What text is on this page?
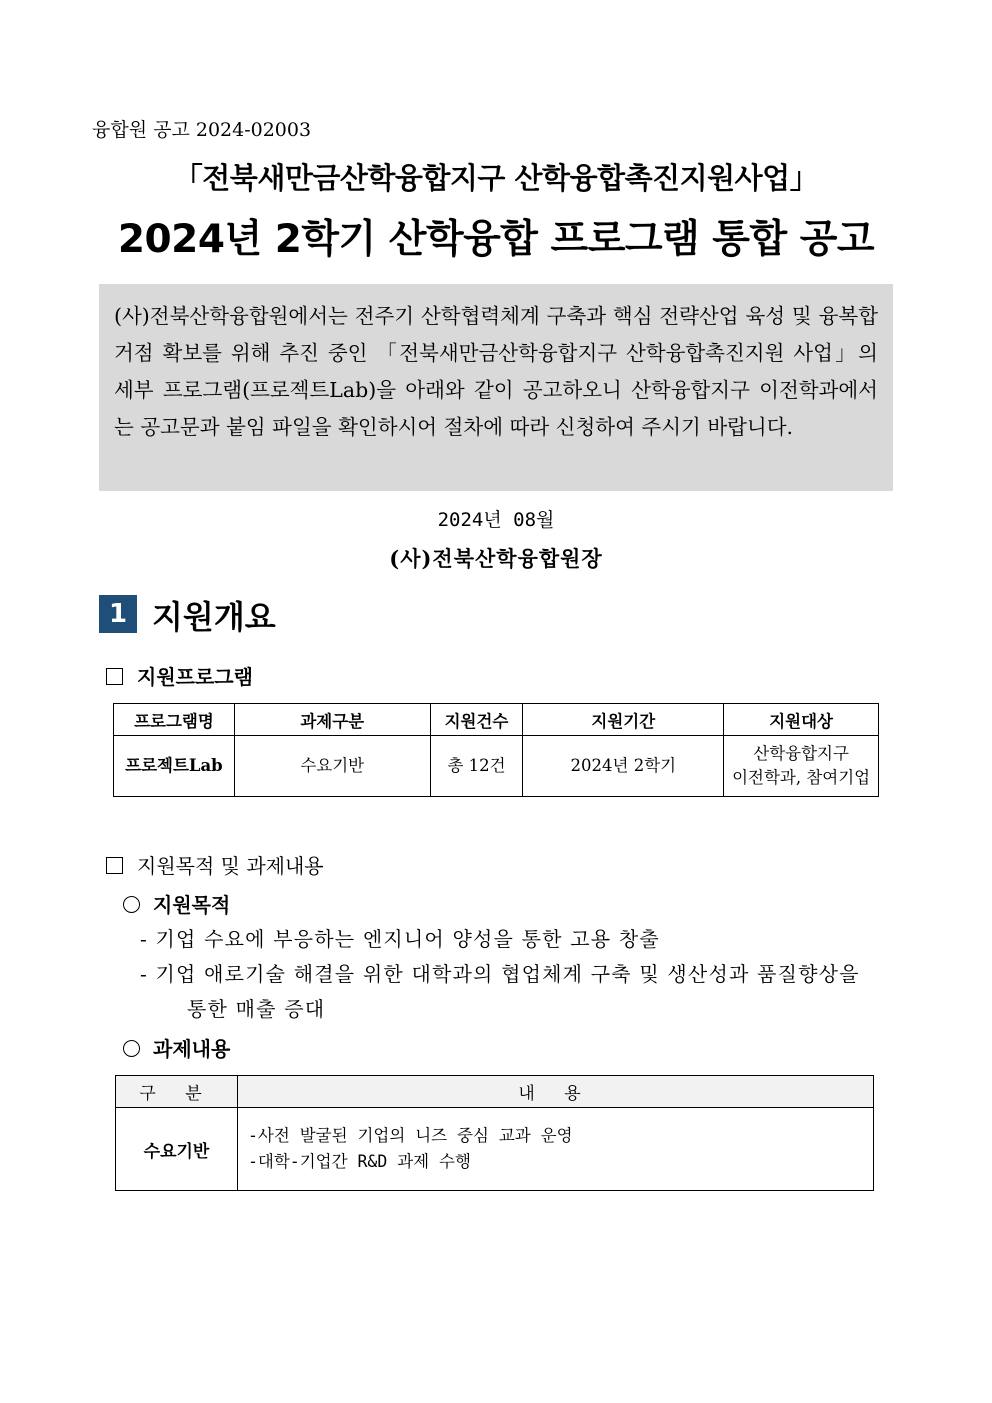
융합원 공고 2024-02003
「전북새만금산학융합지구 산학융합촉진지원사업」
2024년 2학기 산학융합 프로그램 통합 공고

(사)전북산학융합원에서는 전주기 산학협력체계 구축과 핵심 전략산업 육성 및 융복합 거점 확보를 위해 추진 중인 「전북새만금산학융합지구 산학융합촉진지원 사업」의 세부 프로그램(프로젝트Lab)을 아래와 같이 공고하오니 산학융합지구 이전학과에서는 공고문과 붙임 파일을 확인하시어 절차에 따라 신청하여 주시기 바랍니다.

2024년 08월
(사)전북산학융합원장
1 지원개요
지원프로그램
프로그램명	과제구분	지원건수	지원기간	지원대상
프로젝트Lab	수요기반	총 12건	2024년 2학기	산학융합지구
이전학과, 참여기업
지원목적 및 과제내용
지원목적
- 기업 수요에 부응하는 엔지니어 양성을 통한 고용 창출
- 기업 애로기술 해결을 위한 대학과의 협업체계 구축 및 생산성과 품질향상을
통한 매출 증대
과제내용
구 분	내 용
수요기반	-사전 발굴된 기업의 니즈 중심 교과 운영
-대학-기업간 R&D 과제 수행
